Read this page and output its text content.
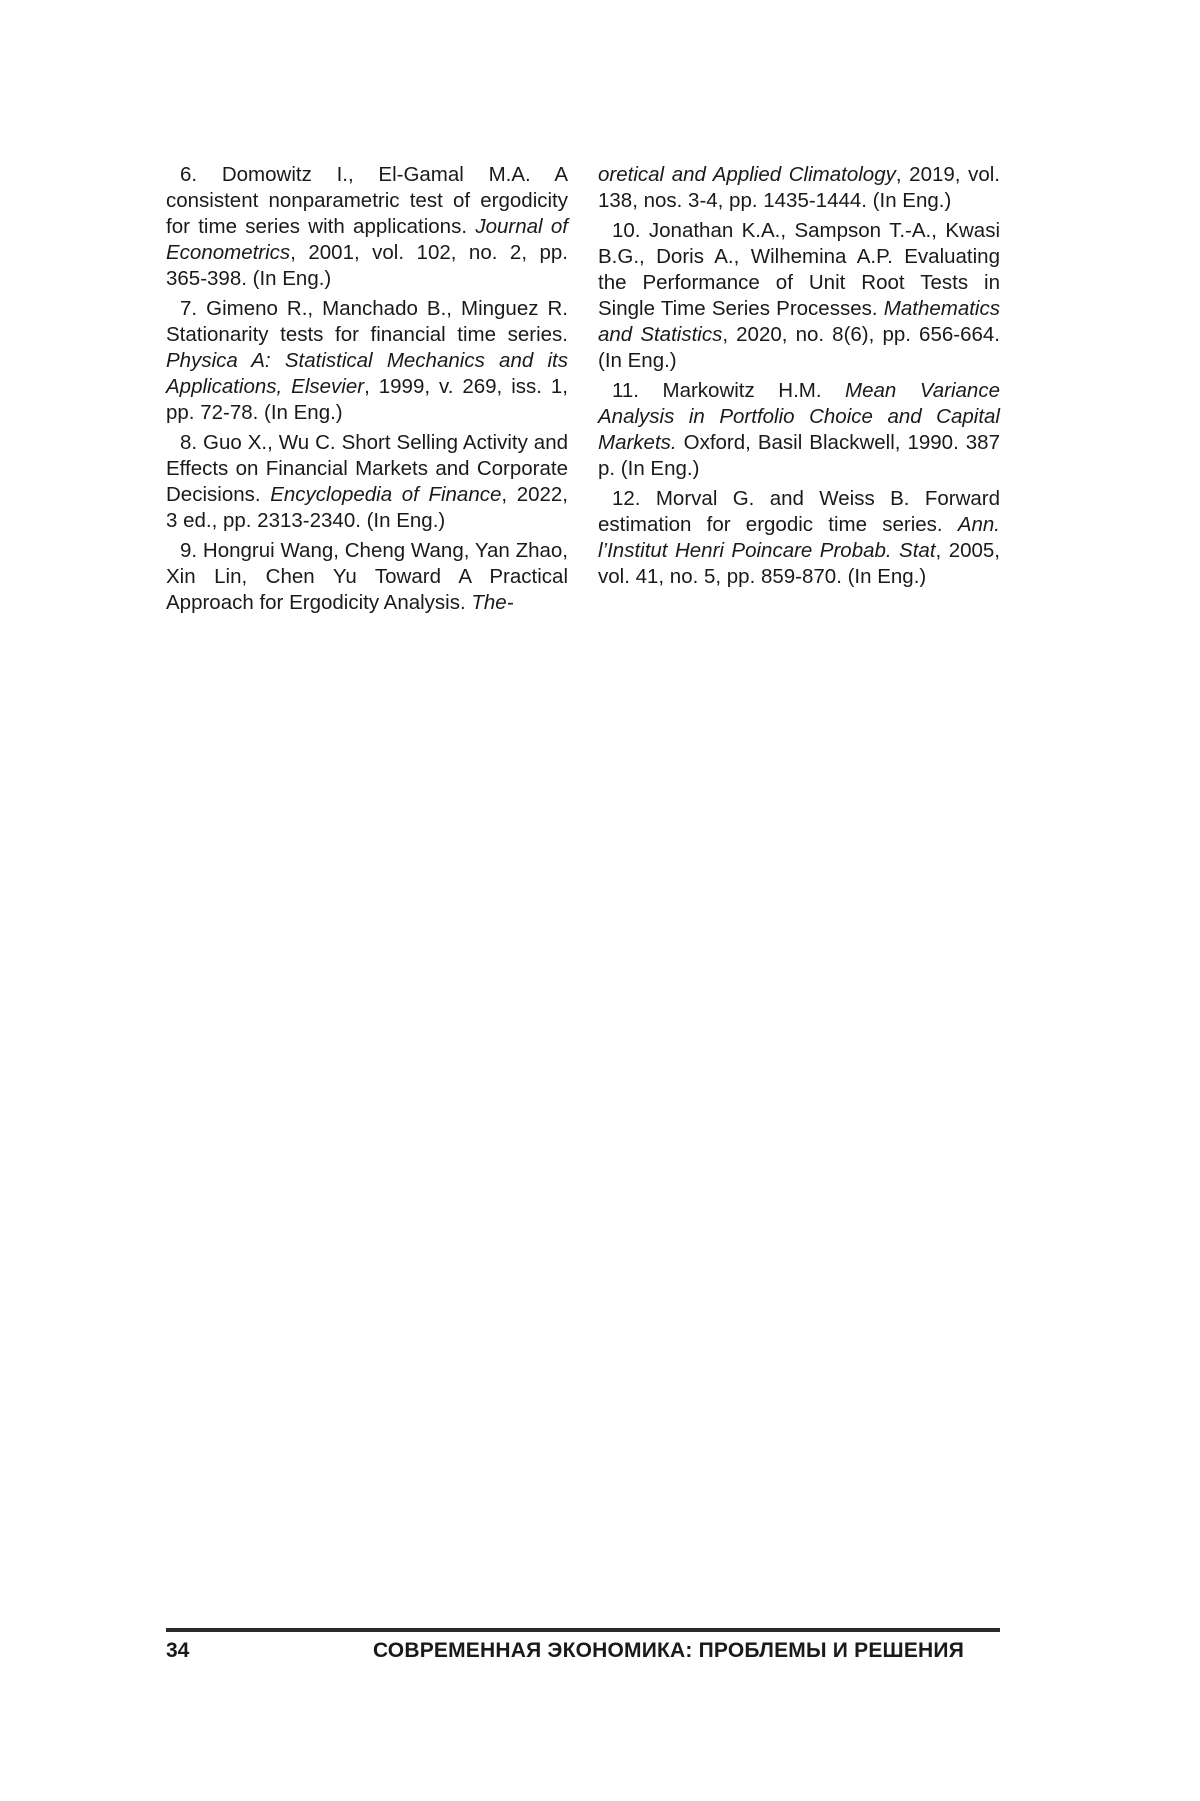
6. Domowitz I., El-Gamal M.A. A consistent nonparametric test of ergodicity for time series with applications. Journal of Econometrics, 2001, vol. 102, no. 2, pp. 365-398. (In Eng.)

7. Gimeno R., Manchado B., Minguez R. Stationarity tests for financial time series. Physica A: Statistical Mechanics and its Applications, Elsevier, 1999, v. 269, iss. 1, pp. 72-78. (In Eng.)

8. Guo X., Wu C. Short Selling Activity and Effects on Financial Markets and Corporate Decisions. Encyclopedia of Finance, 2022, 3 ed., pp. 2313-2340. (In Eng.)

9. Hongrui Wang, Cheng Wang, Yan Zhao, Xin Lin, Chen Yu Toward A Practical Approach for Ergodicity Analysis. The-

oretical and Applied Climatology, 2019, vol. 138, nos. 3-4, pp. 1435-1444. (In Eng.)

10. Jonathan K.A., Sampson T.-A., Kwasi B.G., Doris A., Wilhemina A.P. Evaluating the Performance of Unit Root Tests in Single Time Series Processes. Mathematics and Statistics, 2020, no. 8(6), pp. 656-664. (In Eng.)

11. Markowitz H.M. Mean Variance Analysis in Portfolio Choice and Capital Markets. Oxford, Basil Blackwell, 1990. 387 p. (In Eng.)

12. Morval G. and Weiss B. Forward estimation for ergodic time series. Ann. l’Institut Henri Poincare Probab. Stat, 2005, vol. 41, no. 5, pp. 859-870. (In Eng.)

34	СОВРЕМЕННАЯ ЭКОНОМИКА: ПРОБЛЕМЫ И РЕШЕНИЯ
